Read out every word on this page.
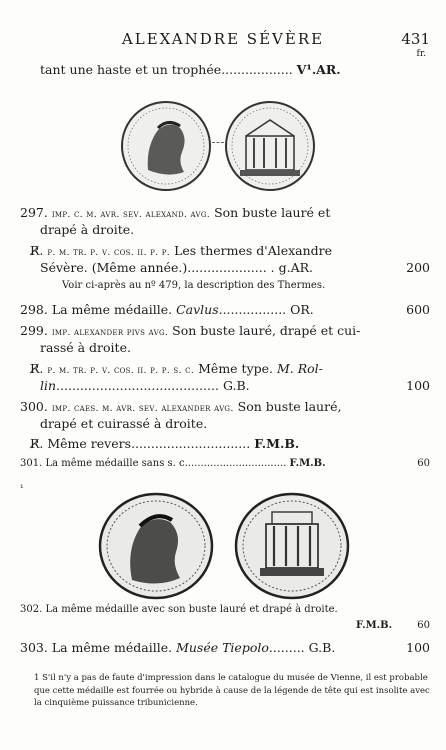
ALEXANDRE SÉVÈRE	431
fr.
tant une haste et un trophée.................. V¹.AR.
297. imp. c. m. avr. sev. alexand. avg. Son buste lauré et
drapé à droite.
R̸. p. m. tr. p. v. cos. ii. p. p. Les thermes d'Alexandre
Sévère. (Même année.).................... . g.AR.	200
Voir ci-après au nº 479, la description des Thermes.
298. La même médaille. Cavlus................. OR.	600
299. imp. alexander pivs avg. Son buste lauré, drapé et cui-
rassé à droite.
R̸. p. m. tr. p. v. cos. ii. p. p. s. c. Même type. M. Rol-
lin......................................... G.B.	100
300. imp. caes. m. avr. sev. alexander avg. Son buste lauré,
drapé et cuirassé à droite.
R̸. Même revers.............................. F.M.B.
301. La même médaille sans s. c................................ F.M.B.	60
¹
302. La même médaille avec son buste lauré et drapé à droite.
F.M.B.	60
303. La même médaille. Musée Tiepolo......... G.B.	100
1 S'il n'y a pas de faute d'impression dans le catalogue du musée de Vienne, il est probable que cette médaille est fourrée ou hybride à cause de la légende de tête qui est insolite avec la cinquième puissance tribunicienne.
